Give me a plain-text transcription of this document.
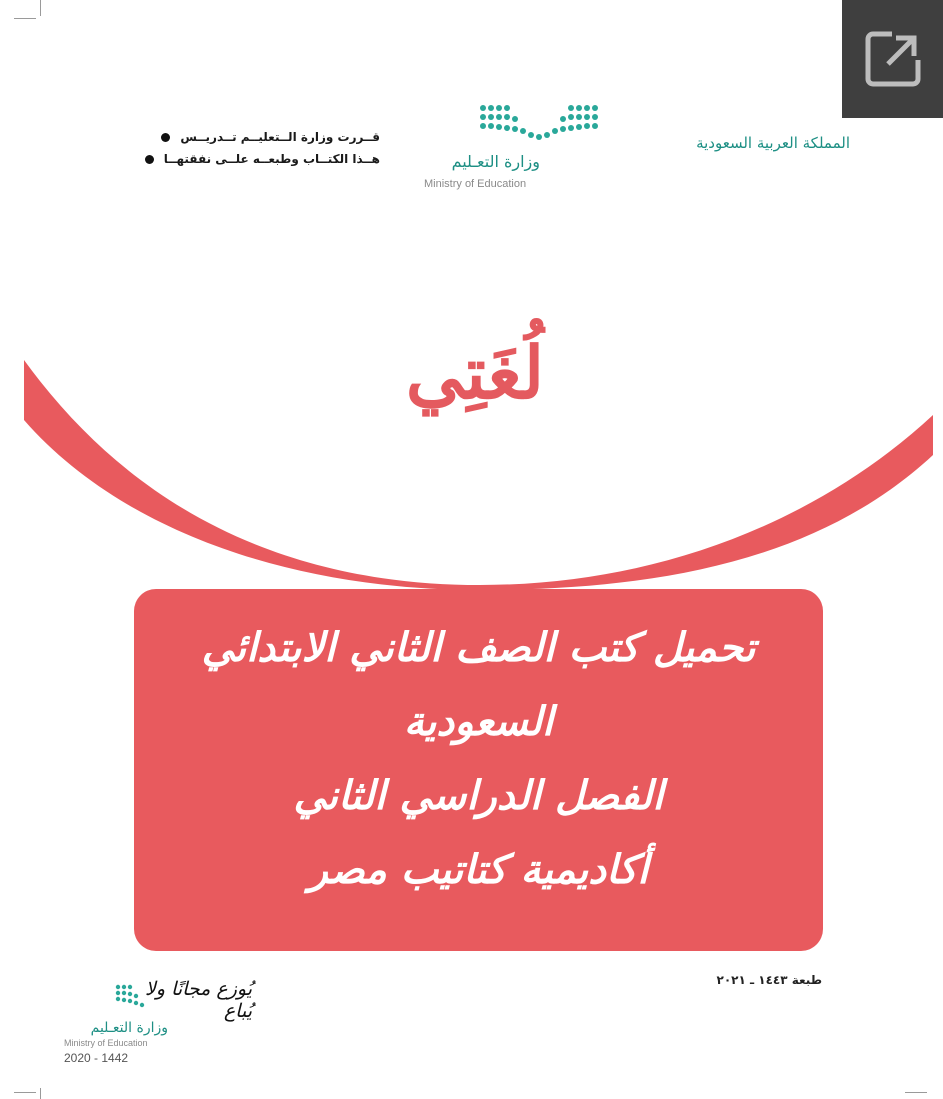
المملكة العربية السعودية
وزارة التعـليم
Ministry of Education
قــررت وزارة الــتعليــم تــدريــس
هــذا الكتــاب وطبعــه علــى نفقتهــا
لُغَتِي
تحميل كتب الصف الثاني الابتدائي
السعودية
الفصل الدراسي الثاني
أكاديمية كتاتيب مصر
طبعة ١٤٤٣ ـ ٢٠٢١
يُوزع مجانًا ولا يُباع
وزارة التعـليم
Ministry of Education
2020 - 1442
